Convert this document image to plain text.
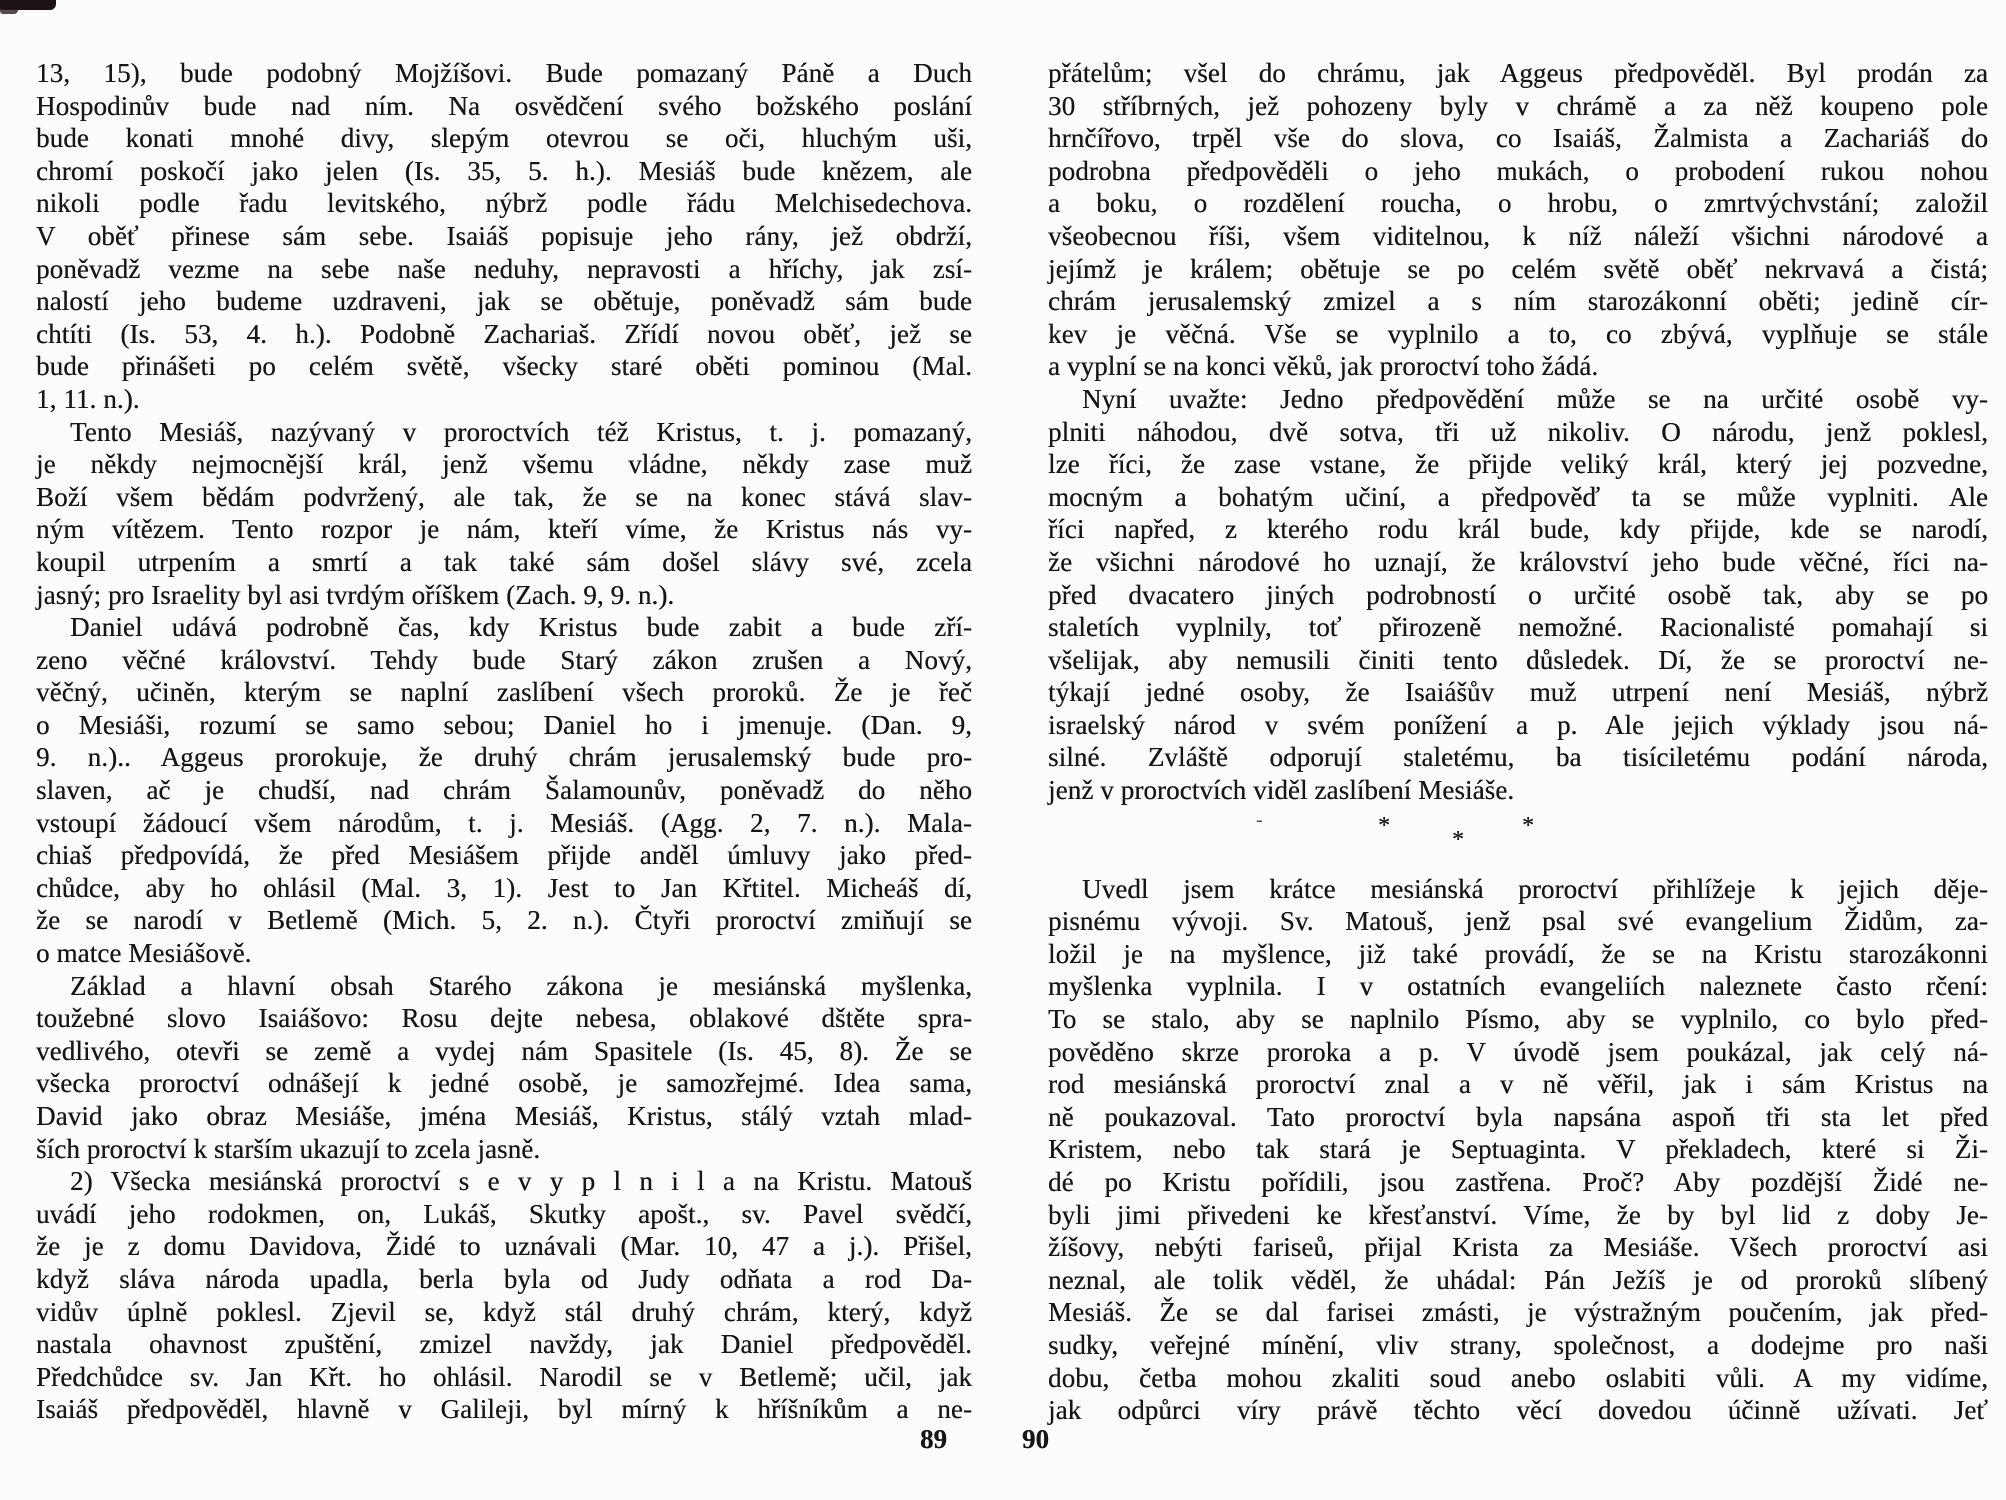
13, 15), bude podobný Mojžíšovi. Bude pomazaný Páně a Duch
Hospodinův bude nad ním. Na osvědčení svého božského poslání
bude konati mnohé divy, slepým otevrou se oči, hluchým uši,
chromí poskočí jako jelen (Is. 35, 5. h.). Mesiáš bude knězem, ale
nikoli podle řadu levitského, nýbrž podle řádu Melchisedechova.
V oběť přinese sám sebe. Isaiáš popisuje jeho rány, jež obdrží,
poněvadž vezme na sebe naše neduhy, nepravosti a hříchy, jak zsí-
nalostí jeho budeme uzdraveni, jak se obětuje, poněvadž sám bude
chtíti (Is. 53, 4. h.). Podobně Zachariaš. Zřídí novou oběť, jež se
bude přinášeti po celém světě, všecky staré oběti pominou (Mal.
1, 11. n.).
Tento Mesiáš, nazývaný v proroctvích též Kristus, t. j. pomazaný,
je někdy nejmocnější král, jenž všemu vládne, někdy zase muž
Boží všem bědám podvržený, ale tak, že se na konec stává slav-
ným vítězem. Tento rozpor je nám, kteří víme, že Kristus nás vy-
koupil utrpením a smrtí a tak také sám došel slávy své, zcela
jasný; pro Israelity byl asi tvrdým oříškem (Zach. 9, 9. n.).
Daniel udává podrobně čas, kdy Kristus bude zabit a bude zří-
zeno věčné království. Tehdy bude Starý zákon zrušen a Nový,
věčný, učiněn, kterým se naplní zaslíbení všech proroků. Že je řeč
o Mesiáši, rozumí se samo sebou; Daniel ho i jmenuje. (Dan. 9,
9. n.).. Aggeus prorokuje, že druhý chrám jerusalemský bude pro-
slaven, ač je chudší, nad chrám Šalamounův, poněvadž do něho
vstoupí žádoucí všem národům, t. j. Mesiáš. (Agg. 2, 7. n.). Mala-
chiaš předpovídá, že před Mesiášem přijde anděl úmluvy jako před-
chůdce, aby ho ohlásil (Mal. 3, 1). Jest to Jan Křtitel. Micheáš dí,
že se narodí v Betlemě (Mich. 5, 2. n.). Čtyři proroctví zmiňují se
o matce Mesiášově.
Základ a hlavní obsah Starého zákona je mesiánská myšlenka,
toužebné slovo Isaiášovo: Rosu dejte nebesa, oblakové dštěte spra-
vedlivého, otevři se země a vydej nám Spasitele (Is. 45, 8). Že se
všecka proroctví odnášejí k jedné osobě, je samozřejmé. Idea sama,
David jako obraz Mesiáše, jména Mesiáš, Kristus, stálý vztah mlad-
ších proroctví k starším ukazují to zcela jasně.
2) Všecka mesiánská proroctví s e v y p l n i l a na Kristu. Matouš
uvádí jeho rodokmen, on, Lukáš, Skutky apošt., sv. Pavel svědčí,
že je z domu Davidova, Židé to uznávali (Mar. 10, 47 a j.). Přišel,
když sláva národa upadla, berla byla od Judy odňata a rod Da-
vidův úplně poklesl. Zjevil se, když stál druhý chrám, který, když
nastala ohavnost zpuštění, zmizel navždy, jak Daniel předpověděl.
Předchůdce sv. Jan Křt. ho ohlásil. Narodil se v Betlemě; učil, jak
Isaiáš předpověděl, hlavně v Galileji, byl mírný k hříšníkům a ne-
přátelům; všel do chrámu, jak Aggeus předpověděl. Byl prodán za
30 stříbrných, jež pohozeny byly v chrámě a za něž koupeno pole
hrnčířovo, trpěl vše do slova, co Isaiáš, Žalmista a Zachariáš do
podrobna předpověděli o jeho mukách, o probodení rukou nohou
a boku, o rozdělení roucha, o hrobu, o zmrtvýchvstání; založil
všeobecnou říši, všem viditelnou, k níž náleží všichni národové a
jejímž je králem; obětuje se po celém světě oběť nekrvavá a čistá;
chrám jerusalemský zmizel a s ním starozákonní oběti; jedině cír-
kev je věčná. Vše se vyplnilo a to, co zbývá, vyplňuje se stále
a vyplní se na konci věků, jak proroctví toho žádá.
Nyní uvažte: Jedno předpovědění může se na určité osobě vy-
plniti náhodou, dvě sotva, tři už nikoliv. O národu, jenž poklesl,
lze říci, že zase vstane, že přijde veliký král, který jej pozvedne,
mocným a bohatým učiní, a předpověď ta se může vyplniti. Ale
říci napřed, z kterého rodu král bude, kdy přijde, kde se narodí,
že všichni národové ho uznají, že království jeho bude věčné, říci na-
před dvacatero jiných podrobností o určité osobě tak, aby se po
staletích vyplnily, toť přirozeně nemožné. Racionalisté pomahají si
všelijak, aby nemusili činiti tento důsledek. Dí, že se proroctví ne-
týkají jedné osoby, že Isaiášův muž utrpení není Mesiáš, nýbrž
israelský národ v svém ponížení a p. Ale jejich výklady jsou ná-
silné. Zvláště odporují staletému, ba tisíciletému podání národa,
jenž v proroctvích viděl zaslíbení Mesiáše.
-	*
*
*
Uvedl jsem krátce mesiánská proroctví přihlížeje k jejich děje-
pisnému vývoji. Sv. Matouš, jenž psal své evangelium Židům, za-
ložil je na myšlence, již také provádí, že se na Kristu starozákonni
myšlenka vyplnila. I v ostatních evangeliích naleznete často rčení:
To se stalo, aby se naplnilo Písmo, aby se vyplnilo, co bylo před-
pověděno skrze proroka a p. V úvodě jsem poukázal, jak celý ná-
rod mesiánská proroctví znal a v ně věřil, jak i sám Kristus na
ně poukazoval. Tato proroctví byla napsána aspoň tři sta let před
Kristem, nebo tak stará je Septuaginta. V překladech, které si Ži-
dé po Kristu pořídili, jsou zastřena. Proč? Aby pozdější Židé ne-
byli jimi přivedeni ke křesťanství. Víme, že by byl lid z doby Je-
žíšovy, nebýti fariseů, přijal Krista za Mesiáše. Všech proroctví asi
neznal, ale tolik věděl, že uhádal: Pán Ježíš je od proroků slíbený
Mesiáš. Že se dal farisei zmásti, je výstražným poučením, jak před-
sudky, veřejné mínění, vliv strany, společnost, a dodejme pro naši
dobu, četba mohou zkaliti soud anebo oslabiti vůli. A my vidíme,
jak odpůrci víry právě těchto věcí dovedou účinně užívati. Jeť
89	90
